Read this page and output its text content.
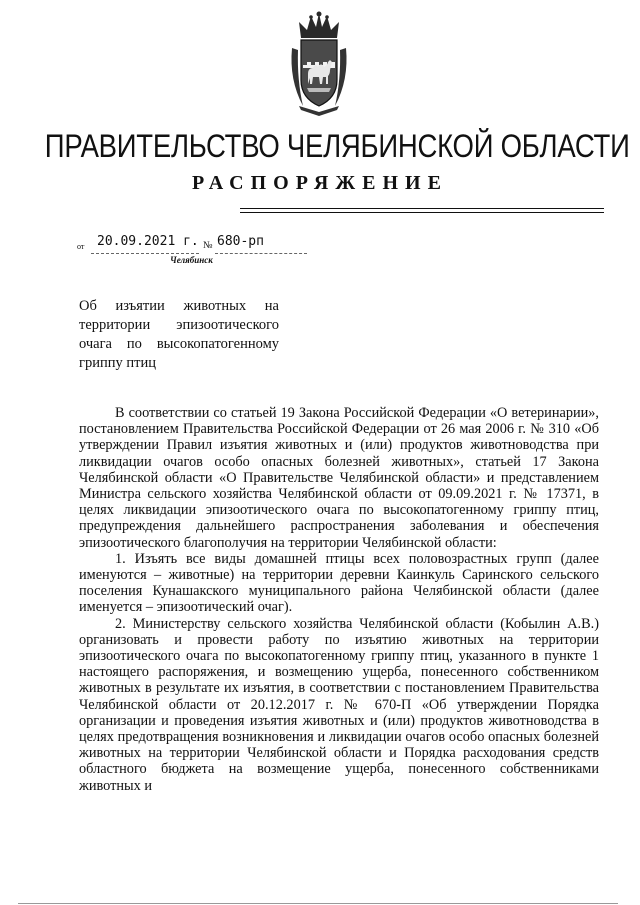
ПРАВИТЕЛЬСТВО ЧЕЛЯБИНСКОЙ ОБЛАСТИ
РАСПОРЯЖЕНИЕ
от 20.09.2021 г. № 680-рп
Челябинск
Об изъятии животных на территории эпизоотического очага по высокопатогенному гриппу птиц

В соответствии со статьей 19 Закона Российской Федерации «О ветеринарии», постановлением Правительства Российской Федерации от 26 мая 2006 г. № 310 «Об утверждении Правил изъятия животных и (или) продуктов животноводства при ликвидации очагов особо опасных болезней животных», статьей 17 Закона Челябинской области «О Правительстве Челябинской области» и представлением Министра сельского хозяйства Челябинской области от 09.09.2021 г. № 17371, в целях ликвидации эпизоотического очага по высокопатогенному гриппу птиц, предупреждения дальнейшего распространения заболевания и обеспечения эпизоотического благополучия на территории Челябинской области:

1. Изъять все виды домашней птицы всех половозрастных групп (далее именуются – животные) на территории деревни Каинкуль Саринского сельского поселения Кунашакского муниципального района Челябинской области (далее именуется – эпизоотический очаг).

2. Министерству сельского хозяйства Челябинской области (Кобылин А.В.) организовать и провести работу по изъятию животных на территории эпизоотического очага по высокопатогенному гриппу птиц, указанного в пункте 1 настоящего распоряжения, и возмещению ущерба, понесенного собственником животных в результате их изъятия, в соответствии с постановлением Правительства Челябинской области от 20.12.2017 г. № 670-П «Об утверждении Порядка организации и проведения изъятия животных и (или) продуктов животноводства в целях предотвращения возникновения и ликвидации очагов особо опасных болезней животных на территории Челябинской области и Порядка расходования средств областного бюджета на возмещение ущерба, понесенного собственниками животных и
